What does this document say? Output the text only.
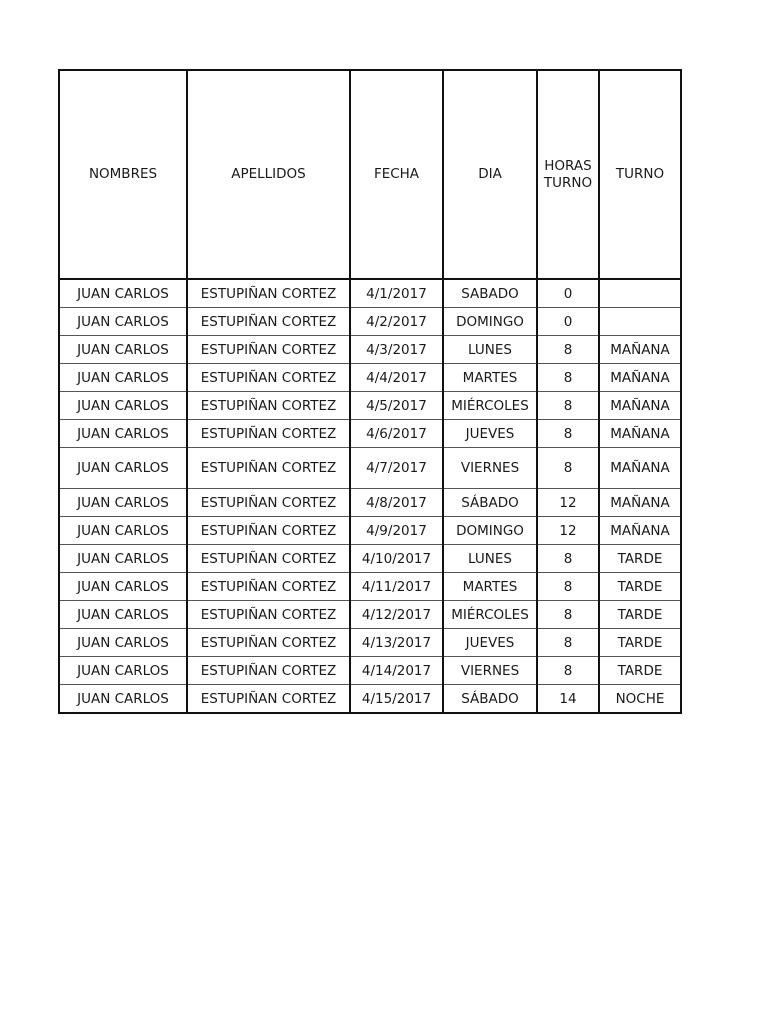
NOMBRES	APELLIDOS	FECHA	DIA	HORAS TURNO	TURNO
JUAN CARLOS	ESTUPIÑAN CORTEZ	4/1/2017	SABADO	0	
JUAN CARLOS	ESTUPIÑAN CORTEZ	4/2/2017	DOMINGO	0	
JUAN CARLOS	ESTUPIÑAN CORTEZ	4/3/2017	LUNES	8	MAÑANA
JUAN CARLOS	ESTUPIÑAN CORTEZ	4/4/2017	MARTES	8	MAÑANA
JUAN CARLOS	ESTUPIÑAN CORTEZ	4/5/2017	MIÉRCOLES	8	MAÑANA
JUAN CARLOS	ESTUPIÑAN CORTEZ	4/6/2017	JUEVES	8	MAÑANA
JUAN CARLOS	ESTUPIÑAN CORTEZ	4/7/2017	VIERNES	8	MAÑANA
JUAN CARLOS	ESTUPIÑAN CORTEZ	4/8/2017	SÁBADO	12	MAÑANA
JUAN CARLOS	ESTUPIÑAN CORTEZ	4/9/2017	DOMINGO	12	MAÑANA
JUAN CARLOS	ESTUPIÑAN CORTEZ	4/10/2017	LUNES	8	TARDE
JUAN CARLOS	ESTUPIÑAN CORTEZ	4/11/2017	MARTES	8	TARDE
JUAN CARLOS	ESTUPIÑAN CORTEZ	4/12/2017	MIÉRCOLES	8	TARDE
JUAN CARLOS	ESTUPIÑAN CORTEZ	4/13/2017	JUEVES	8	TARDE
JUAN CARLOS	ESTUPIÑAN CORTEZ	4/14/2017	VIERNES	8	TARDE
JUAN CARLOS	ESTUPIÑAN CORTEZ	4/15/2017	SÁBADO	14	NOCHE
